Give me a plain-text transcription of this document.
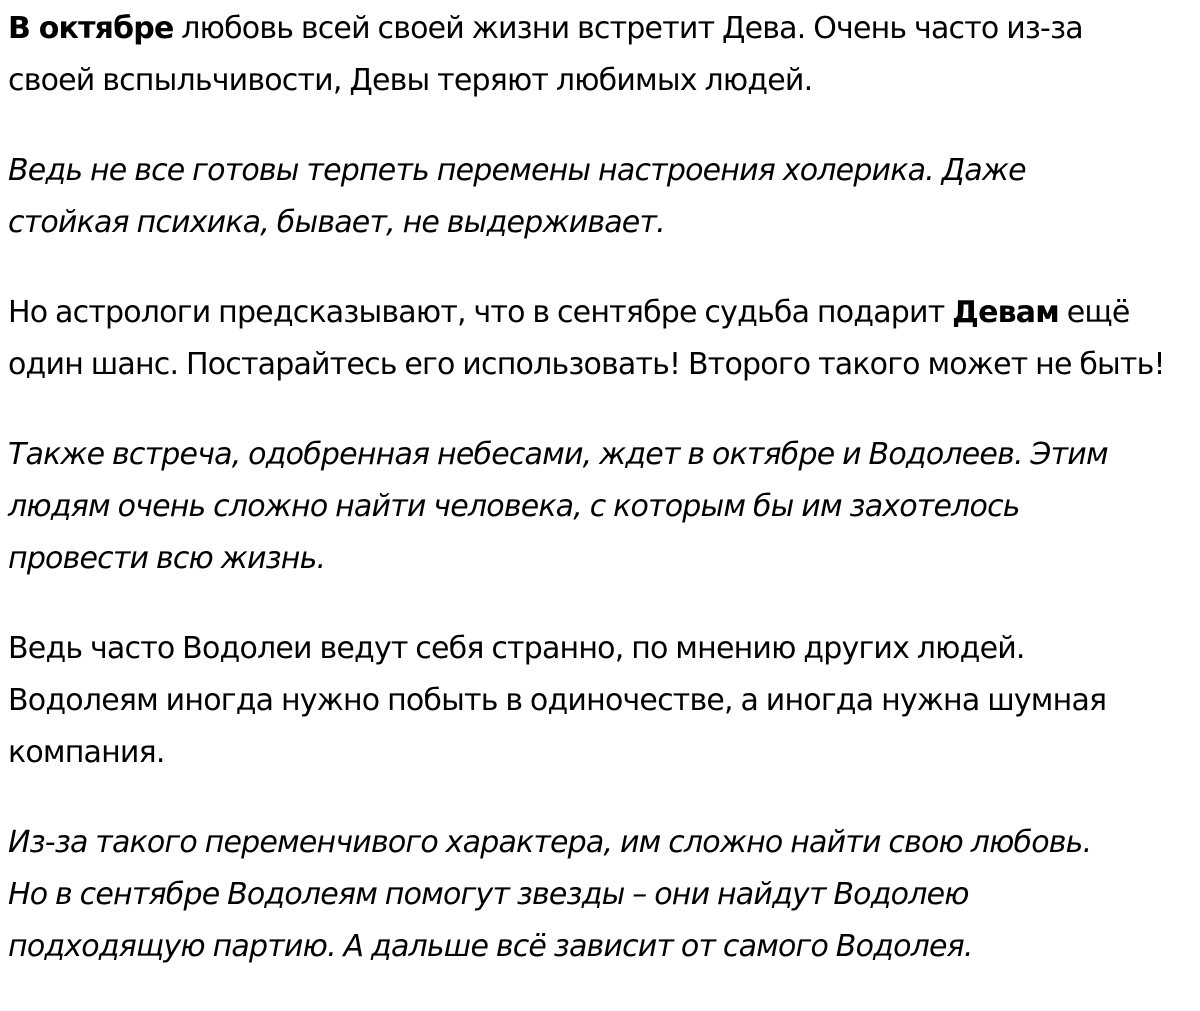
В октябре любовь всей своей жизни встретит Дева. Очень часто из-за
своей вспыльчивости, Девы теряют любимых людей.

Ведь не все готовы терпеть перемены настроения холерика. Даже
стойкая психика, бывает, не выдерживает.

Но астрологи предсказывают, что в сентябре судьба подарит Девам ещё
один шанс. Постарайтесь его использовать! Второго такого может не быть!

Также встреча, одобренная небесами, ждет в октябре и Водолеев. Этим
людям очень сложно найти человека, с которым бы им захотелось
провести всю жизнь.

Ведь часто Водолеи ведут себя странно, по мнению других людей.
Водолеям иногда нужно побыть в одиночестве, а иногда нужна шумная
компания.

Из-за такого переменчивого характера, им сложно найти свою любовь.
Но в сентябре Водолеям помогут звезды – они найдут Водолею
подходящую партию. А дальше всё зависит от самого Водолея.
